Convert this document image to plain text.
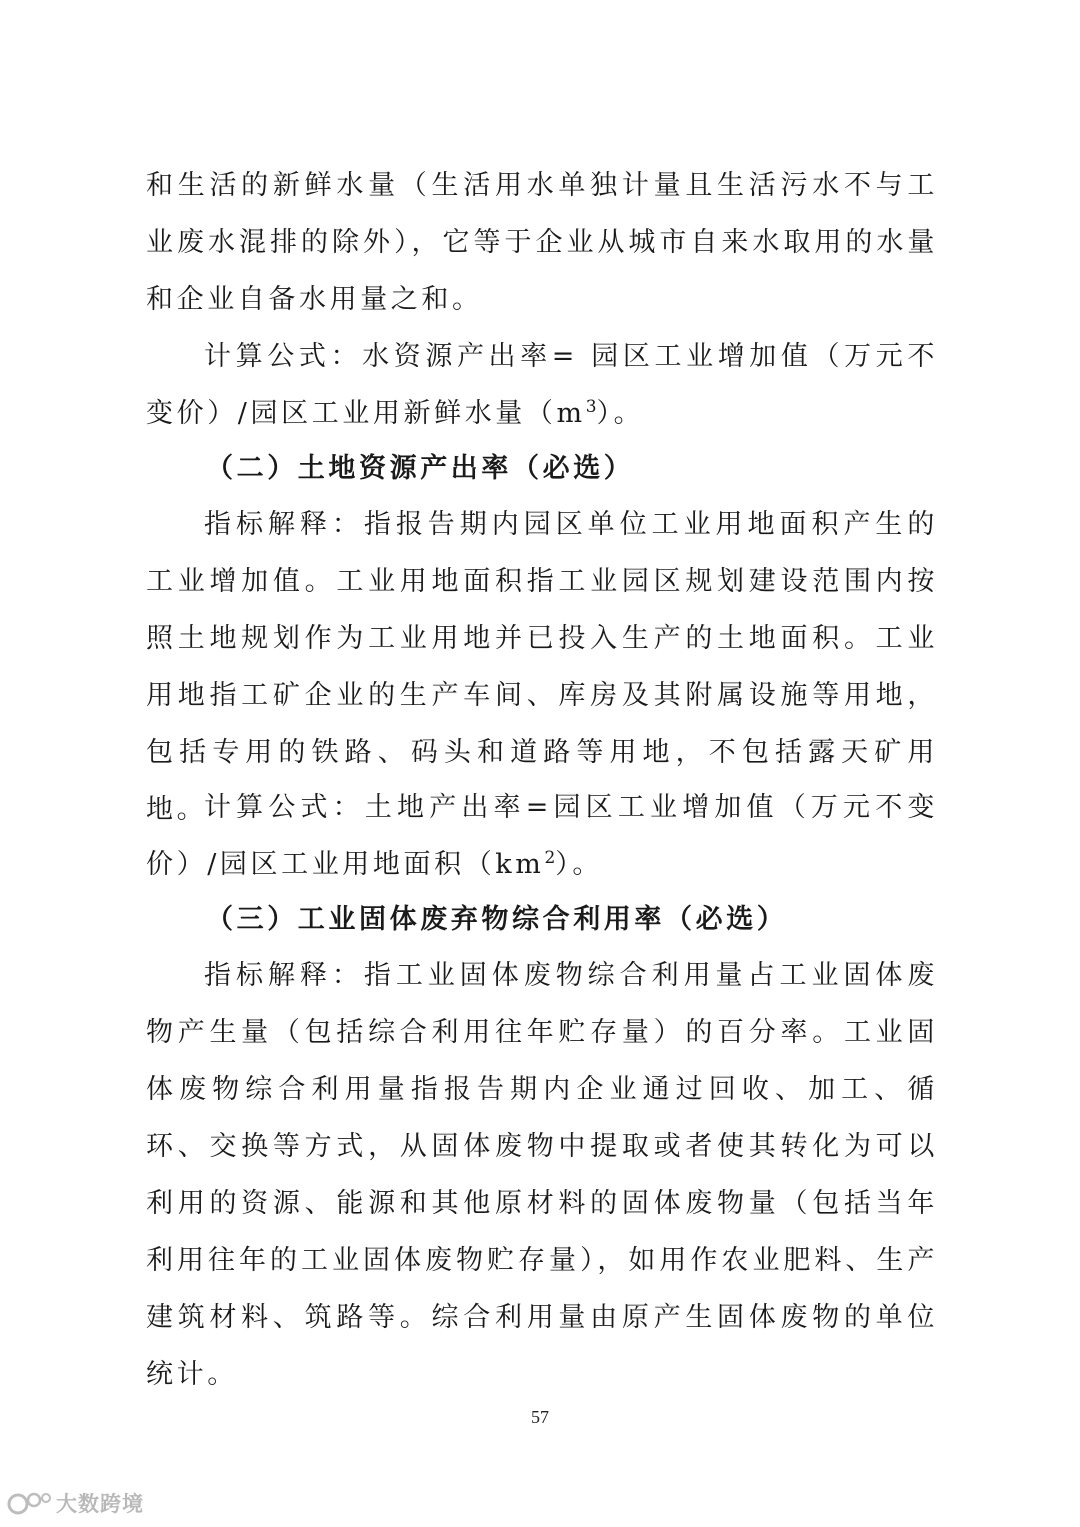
和生活的新鲜水量（生活用水单独计量且生活污水不与工业废水混排的除外），它等于企业从城市自来水取用的水量和企业自备水用量之和。

计算公式：水资源产出率= 园区工业增加值（万元不变价）/园区工业用新鲜水量$(m^3)$。

（二）土地资源产出率（必选）

指标解释：指报告期内园区单位工业用地面积产生的工业增加值。工业用地面积指工业园区规划建设范围内按照土地规划作为工业用地并已投入生产的土地面积。工业用地指工矿企业的生产车间、库房及其附属设施等用地，包括专用的铁路、码头和道路等用地，不包括露天矿用地。

计算公式：土地产出率=园区工业增加值（万元不变价）/园区工业用地面积$(km^2)$。

（三）工业固体废弃物综合利用率（必选）

指标解释：指工业固体废物综合利用量占工业固体废物产生量（包括综合利用往年贮存量）的百分率。工业固体废物综合利用量指报告期内企业通过回收、加工、循环、交换等方式，从固体废物中提取或者使其转化为可以利用的资源、能源和其他原材料的固体废物量（包括当年利用往年的工业固体废物贮存量），如用作农业肥料、生产建筑材料、筑路等。综合利用量由原产生固体废物的单位统计。

57
大数跨境
